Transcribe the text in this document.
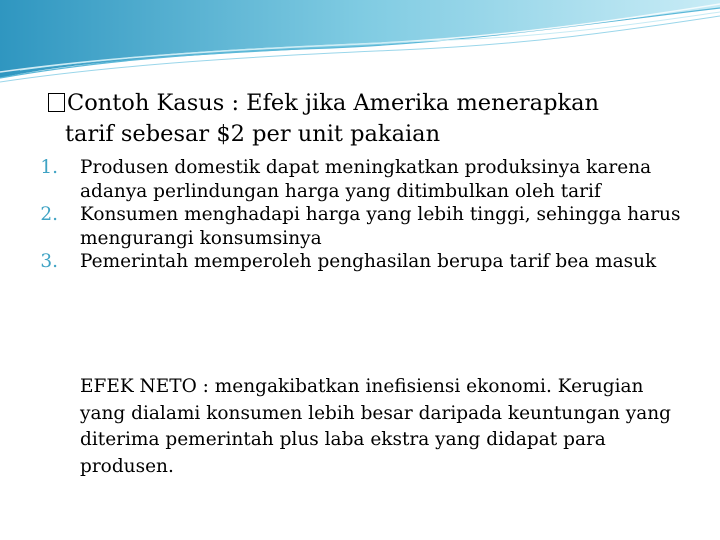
Contoh Kasus : Efek jika Amerika menerapkan
tarif sebesar $2 per unit pakaian
1. Produsen domestik dapat meningkatkan produksinya karena adanya perlindungan harga yang ditimbulkan oleh tarif
2. Konsumen menghadapi harga yang lebih tinggi, sehingga harus mengurangi konsumsinya
3. Pemerintah memperoleh penghasilan berupa tarif bea masuk
EFEK NETO : mengakibatkan inefisiensi ekonomi. Kerugian yang dialami konsumen lebih besar daripada keuntungan yang diterima pemerintah plus laba ekstra yang didapat para produsen.
